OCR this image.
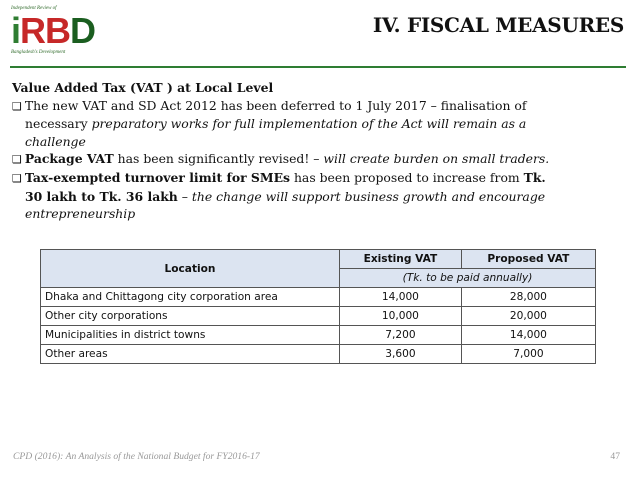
Independent Review of
i R B D
Bangladesh's Development
IV. FISCAL MEASURES
Value Added Tax (VAT ) at Local Level
❑ The new VAT and SD Act 2012 has been deferred to 1 July 2017 – finalisation of
necessary preparatory works for full implementation of the Act will remain as a
challenge
❑ Package VAT has been significantly revised! – will create burden on small traders.
❑ Tax-exempted turnover limit for SMEs has been proposed to increase from Tk.
30 lakh to Tk. 36 lakh – the change will support business growth and encourage
entrepreneurship
Location	Existing VAT	Proposed VAT
	(Tk. to be paid annually)	
Dhaka and Chittagong city corporation area	14,000	28,000
Other city corporations	10,000	20,000
Municipalities in district towns	7,200	14,000
Other areas	3,600	7,000
CPD (2016): An Analysis of the National Budget for FY2016-17	47
